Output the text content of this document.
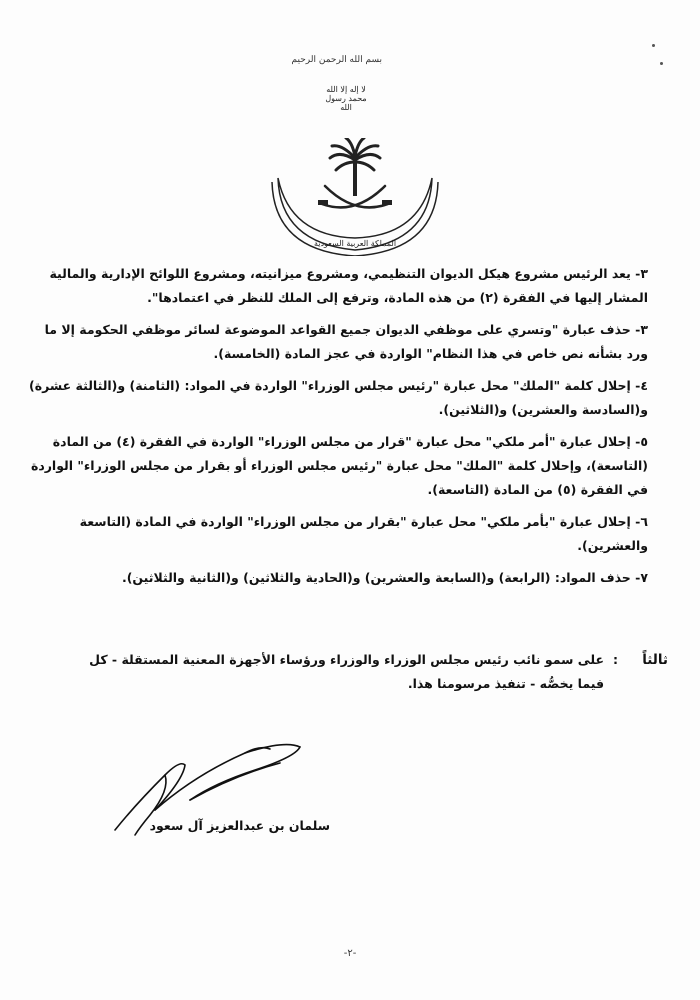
بسم الله الرحمن الرحيم
لا إله إلا الله محمد رسول الله
المملكة العربية السعودية

٣- يعد الرئيس مشروع هيكل الديوان التنظيمي، ومشروع ميزانيته، ومشروع اللوائح الإدارية والمالية المشار إليها في الفقرة (٢) من هذه المادة، وترفع إلى الملك للنظر في اعتمادها".

٣- حذف عبارة "وتسري على موظفي الديوان جميع القواعد الموضوعة لسائر موظفي الحكومة إلا ما ورد بشأنه نص خاص في هذا النظام" الواردة في عجز المادة (الخامسة).

٤- إحلال كلمة "الملك" محل عبارة "رئيس مجلس الوزراء" الواردة في المواد: (الثامنة) و(الثالثة عشرة) و(السادسة والعشرين) و(الثلاثين).

٥- إحلال عبارة "أمر ملكي" محل عبارة "قرار من مجلس الوزراء" الواردة في الفقرة (٤) من المادة (التاسعة)، وإحلال كلمة "الملك" محل عبارة "رئيس مجلس الوزراء أو بقرار من مجلس الوزراء" الواردة في الفقرة (٥) من المادة (التاسعة).

٦- إحلال عبارة "بأمر ملكي" محل عبارة "بقرار من مجلس الوزراء" الواردة في المادة (التاسعة والعشرين).

٧- حذف المواد: (الرابعة) و(السابعة والعشرين) و(الحادية والثلاثين) و(الثانية والثلاثين).

ثالثاً
:
على سمو نائب رئيس مجلس الوزراء والوزراء ورؤساء الأجهزة المعنية المستقلة - كل فيما يخصُّه - تنفيذ مرسومنا هذا.
سلمان بن عبدالعزيز آل سعود
-٢-
